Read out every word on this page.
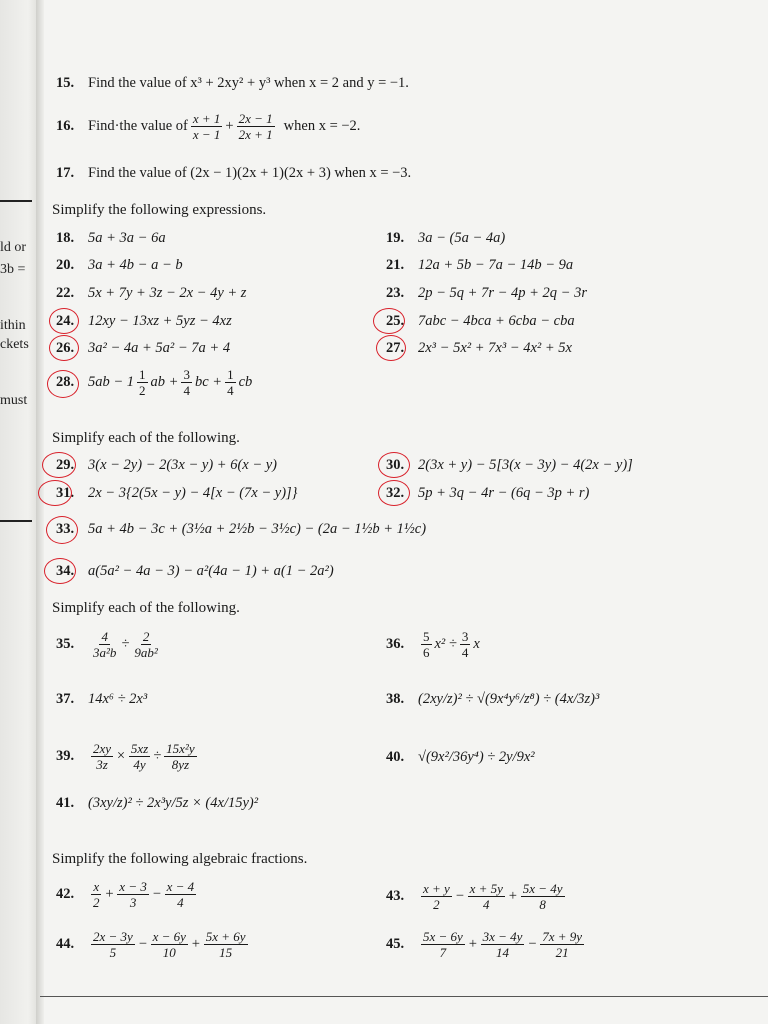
ld or
3b =
ithin
ckets
must
15. Find the value of x³ + 2xy² + y³ when x = 2 and y = −1.
16. Find·the value of $\frac{x + 1}{x - 1} + \frac{2x - 1}{2x + 1}$ when x = −2.
17. Find the value of (2x − 1)(2x + 1)(2x + 3) when x = −3.
Simplify the following expressions.
18. 5a + 3a − 6a	19. 3a − (5a − 4a)
20. 3a + 4b − a − b	21. 12a + 5b − 7a − 14b − 9a
22. 5x + 7y + 3z − 2x − 4y + z	23. 2p − 5q + 7r − 4p + 2q − 3r
24. 12xy − 13xz + 5yz − 4xz	25. 7abc − 4bca + 6cba − cba
26. 3a² − 4a + 5a² − 7a + 4	27. 2x³ − 5x² + 7x³ − 4x² + 5x
28. $5ab - 1 \frac{1}{2}$ ab + $\frac{3}{4}$ bc + $\frac{1}{4}$ cb
Simplify each of the following.
29. 3(x − 2y) − 2(3x − y) + 6(x − y)	30. 2(3x + y) − 5[3(x − 3y) − 4(2x − y)]
31. 2x − 3{2(5x − y) − 4[x − (7x − y)]}	32. 5p + 3q − 4r − (6q − 3p + r)
33. 5a + 4b − 3c + (3½a + 2½b − 3½c) − (2a − 1½b + 1½c)
34. a(5a² − 4a − 3) − a²(4a − 1) + a(1 − 2a²)
Simplify each of the following.
35.	$\frac{4}{\text{3a²b}} \div \frac{2}{\text{9ab²}}$	36.	$\frac{5}{6} x^2 \div \frac{3}{4}$ x
37. 14x⁶ ÷ 2x³	38. (2xy/z)² ÷ √(9x⁴y⁶/z⁸) ÷ (4x/3z)³
39.	$\frac{2xy}{3z} \times \frac{5xz}{4y} \div \frac{\text{15x²y}}{8yz}$	40. √(9x²/36y⁴) ÷ 2y/9x²
41. (3xy/z)² ÷ 2x³y/5z × (4x/15y)²
Simplify the following algebraic fractions.
42.	$\frac{x}{2} + \frac{x - 3}{3} - \frac{x - 4}{4}$	43.	$\frac{x + y}{2} - \frac{x + 5y}{4} + \frac{5x - 4y}{8}$
44.	$\frac{2x - 3y}{5} - \frac{x - 6y}{10} + \frac{5x + 6y}{15}$	45.	$\frac{5x - 6y}{7} + \frac{3x - 4y}{14} - \frac{7x + 9y}{21}$
